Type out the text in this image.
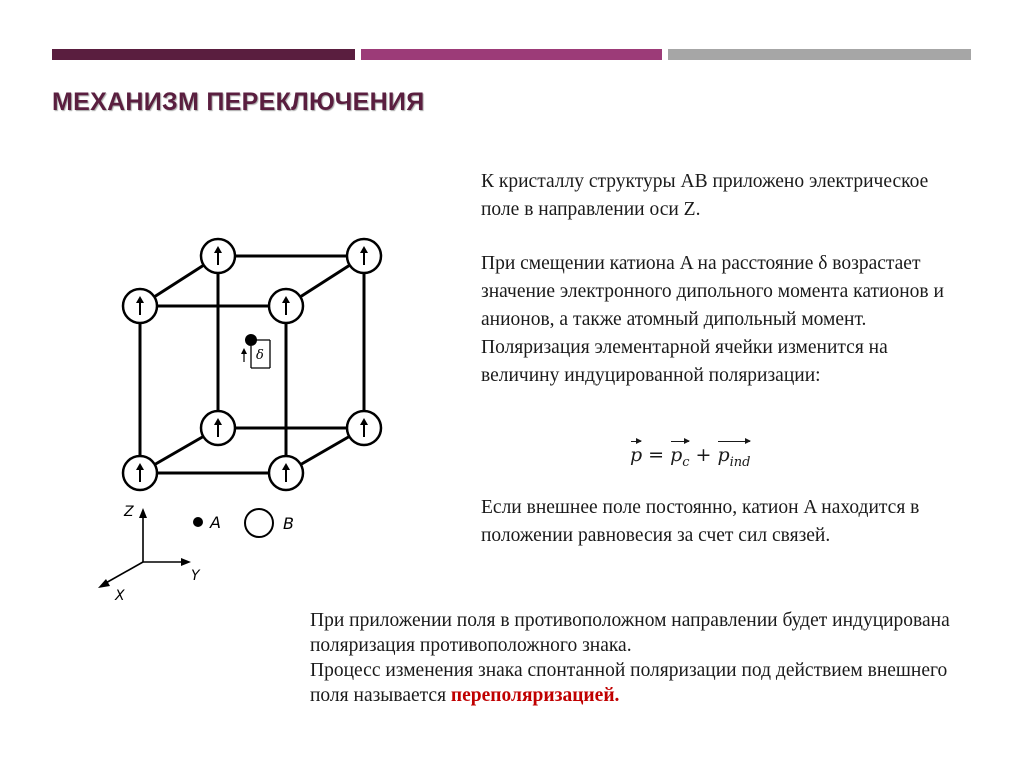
МЕХАНИЗМ ПЕРЕКЛЮЧЕНИЯ
δ
A	B
Z
Y
X
К кристаллу структуры AB приложено электрическое поле в направлении оси Z.
При смещении катиона A на расстояние δ возрастает значение электронного дипольного момента катионов и анионов, а также атомный дипольный момент. Поляризация элементарной ячейки изменится на величину индуцированной поляризации:
$p = p_c + p_{ind}$
Если внешнее поле постоянно, катион A находится в положении равновесия за счет сил связей.
При приложении поля в противоположном направлении будет индуцирована поляризация противоположного знака.
Процесс изменения знака спонтанной поляризации под действием внешнего поля называется переполяризацией.
